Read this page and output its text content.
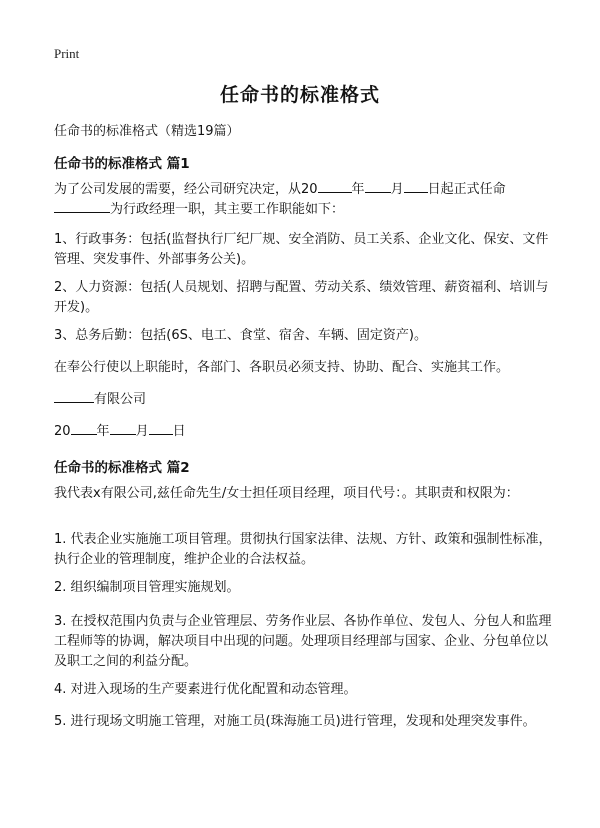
Print
任命书的标准格式
任命书的标准格式（精选19篇）
任命书的标准格式 篇1

为了公司发展的需要，经公司研究决定，从20	年 月 日起正式任命
为行政经理一职，其主要工作职能如下：

1、行政事务：包括(监督执行厂纪厂规、安全消防、员工关系、企业文化、保安、文件管理、突发事件、外部事务公关)。

2、人力资源：包括(人员规划、招聘与配置、劳动关系、绩效管理、薪资福利、培训与开发)。

3、总务后勤：包括(6S、电工、食堂、宿舍、车辆、固定资产)。

在奉公行使以上职能时，各部门、各职员必须支持、协助、配合、实施其工作。

有限公司

20 年 月 日

任命书的标准格式 篇2

我代表x有限公司,兹任命先生/女士担任项目经理，项目代号：。其职责和权限为：

1. 代表企业实施施工项目管理。贯彻执行国家法律、法规、方针、政策和强制性标准，执行企业的管理制度，维护企业的合法权益。

2. 组织编制项目管理实施规划。

3. 在授权范围内负责与企业管理层、劳务作业层、各协作单位、发包人、分包人和监理工程师等的协调，解决项目中出现的问题。处理项目经理部与国家、企业、分包单位以及职工之间的利益分配。

4. 对进入现场的生产要素进行优化配置和动态管理。

5. 进行现场文明施工管理，对施工员(珠海施工员)进行管理，发现和处理突发事件。
